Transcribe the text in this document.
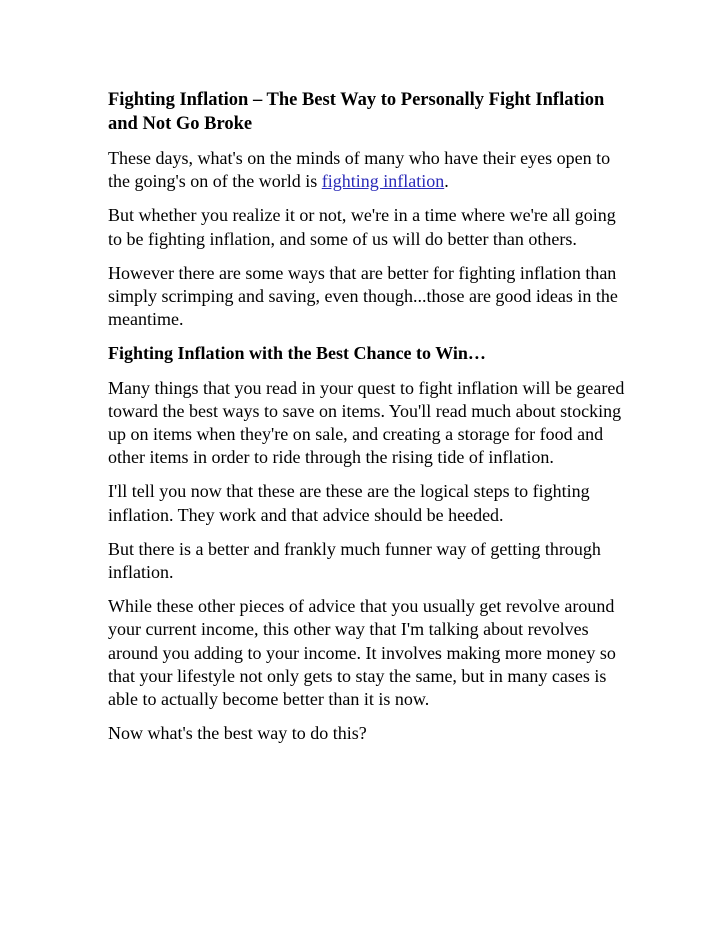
Fighting Inflation – The Best Way to Personally Fight Inflation and Not Go Broke

These days, what's on the minds of many who have their eyes open to the going's on of the world is fighting inflation.

But whether you realize it or not, we're in a time where we're all going to be fighting inflation, and some of us will do better than others.

However there are some ways that are better for fighting inflation than simply scrimping and saving, even though...those are good ideas in the meantime.

Fighting Inflation with the Best Chance to Win…

Many things that you read in your quest to fight inflation will be geared toward the best ways to save on items. You'll read much about stocking up on items when they're on sale, and creating a storage for food and other items in order to ride through the rising tide of inflation.

I'll tell you now that these are these are the logical steps to fighting inflation. They work and that advice should be heeded.

But there is a better and frankly much funner way of getting through inflation.

While these other pieces of advice that you usually get revolve around your current income, this other way that I'm talking about revolves around you adding to your income. It involves making more money so that your lifestyle not only gets to stay the same, but in many cases is able to actually become better than it is now.

Now what's the best way to do this?
